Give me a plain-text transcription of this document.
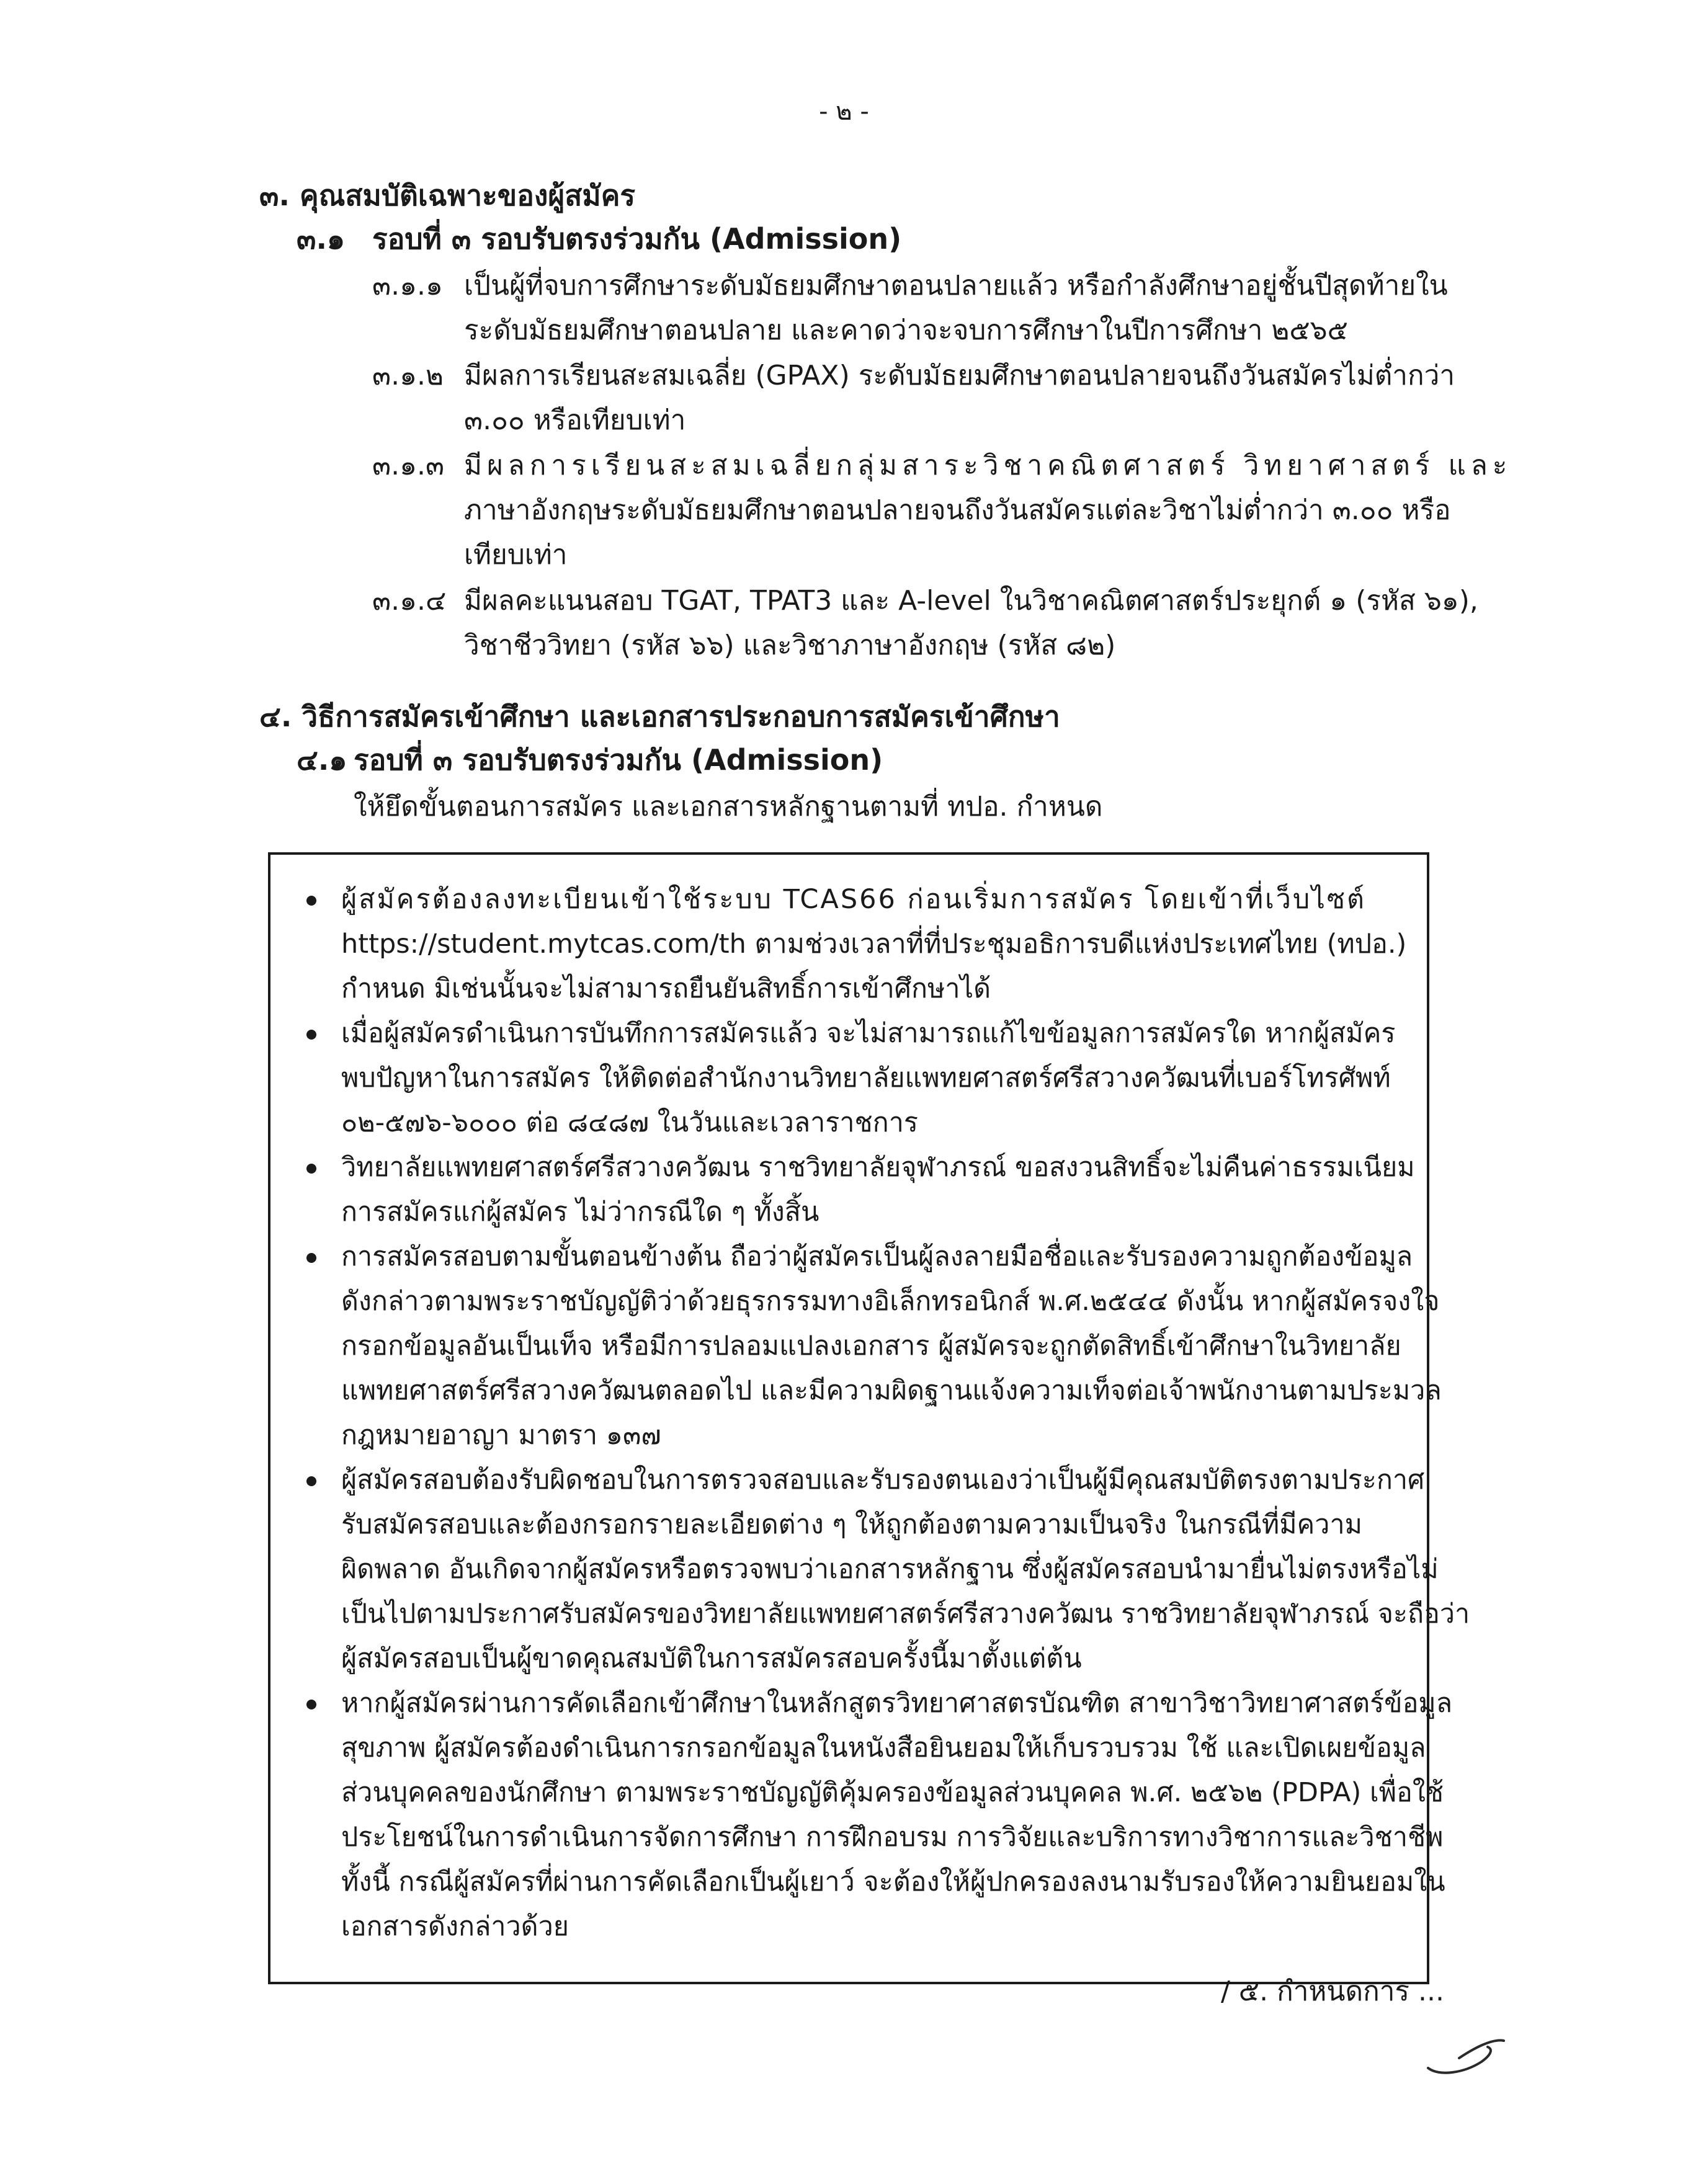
- ๒ -
๓. คุณสมบัติเฉพาะของผู้สมัคร
๓.๑ รอบที่ ๓ รอบรับตรงร่วมกัน (Admission)
๓.๑.๑ เป็นผู้ที่จบการศึกษาระดับมัธยมศึกษาตอนปลายแล้ว หรือกำลังศึกษาอยู่ชั้นปีสุดท้ายใน
ระดับมัธยมศึกษาตอนปลาย และคาดว่าจะจบการศึกษาในปีการศึกษา ๒๕๖๕
๓.๑.๒ มีผลการเรียนสะสมเฉลี่ย (GPAX) ระดับมัธยมศึกษาตอนปลายจนถึงวันสมัครไม่ต่ำกว่า
๓.๐๐ หรือเทียบเท่า
๓.๑.๓ มีผลการเรียนสะสมเฉลี่ยกลุ่มสาระวิชาคณิตศาสตร์ วิทยาศาสตร์ และ
ภาษาอังกฤษระดับมัธยมศึกษาตอนปลายจนถึงวันสมัครแต่ละวิชาไม่ต่ำกว่า ๓.๐๐ หรือ
เทียบเท่า
๓.๑.๔ มีผลคะแนนสอบ TGAT, TPAT3 และ A-level ในวิชาคณิตศาสตร์ประยุกต์ ๑ (รหัส ๖๑),
วิชาชีววิทยา (รหัส ๖๖) และวิชาภาษาอังกฤษ (รหัส ๘๒)
๔. วิธีการสมัครเข้าศึกษา และเอกสารประกอบการสมัครเข้าศึกษา
๔.๑ รอบที่ ๓ รอบรับตรงร่วมกัน (Admission)
ให้ยึดขั้นตอนการสมัคร และเอกสารหลักฐานตามที่ ทปอ. กำหนด
ผู้สมัครต้องลงทะเบียนเข้าใช้ระบบ TCAS66 ก่อนเริ่มการสมัคร โดยเข้าที่เว็บไซต์
https://student.mytcas.com/th ตามช่วงเวลาที่ที่ประชุมอธิการบดีแห่งประเทศไทย (ทปอ.)
กำหนด มิเช่นนั้นจะไม่สามารถยืนยันสิทธิ์การเข้าศึกษาได้
เมื่อผู้สมัครดำเนินการบันทึกการสมัครแล้ว จะไม่สามารถแก้ไขข้อมูลการสมัครใด หากผู้สมัคร
พบปัญหาในการสมัคร ให้ติดต่อสำนักงานวิทยาลัยแพทยศาสตร์ศรีสวางควัฒนที่เบอร์โทรศัพท์
๐๒-๕๗๖-๖๐๐๐ ต่อ ๘๔๘๗ ในวันและเวลาราชการ
วิทยาลัยแพทยศาสตร์ศรีสวางควัฒน ราชวิทยาลัยจุฬาภรณ์ ขอสงวนสิทธิ์จะไม่คืนค่าธรรมเนียม
การสมัครแก่ผู้สมัคร ไม่ว่ากรณีใด ๆ ทั้งสิ้น
การสมัครสอบตามขั้นตอนข้างต้น ถือว่าผู้สมัครเป็นผู้ลงลายมือชื่อและรับรองความถูกต้องข้อมูล
ดังกล่าวตามพระราชบัญญัติว่าด้วยธุรกรรมทางอิเล็กทรอนิกส์ พ.ศ.๒๕๔๔ ดังนั้น หากผู้สมัครจงใจ
กรอกข้อมูลอันเป็นเท็จ หรือมีการปลอมแปลงเอกสาร ผู้สมัครจะถูกตัดสิทธิ์เข้าศึกษาในวิทยาลัย
แพทยศาสตร์ศรีสวางควัฒนตลอดไป และมีความผิดฐานแจ้งความเท็จต่อเจ้าพนักงานตามประมวล
กฎหมายอาญา มาตรา ๑๓๗
ผู้สมัครสอบต้องรับผิดชอบในการตรวจสอบและรับรองตนเองว่าเป็นผู้มีคุณสมบัติตรงตามประกาศ
รับสมัครสอบและต้องกรอกรายละเอียดต่าง ๆ ให้ถูกต้องตามความเป็นจริง ในกรณีที่มีความ
ผิดพลาด อันเกิดจากผู้สมัครหรือตรวจพบว่าเอกสารหลักฐาน ซึ่งผู้สมัครสอบนำมายื่นไม่ตรงหรือไม่
เป็นไปตามประกาศรับสมัครของวิทยาลัยแพทยศาสตร์ศรีสวางควัฒน ราชวิทยาลัยจุฬาภรณ์ จะถือว่า
ผู้สมัครสอบเป็นผู้ขาดคุณสมบัติในการสมัครสอบครั้งนี้มาตั้งแต่ต้น
หากผู้สมัครผ่านการคัดเลือกเข้าศึกษาในหลักสูตรวิทยาศาสตรบัณฑิต สาขาวิชาวิทยาศาสตร์ข้อมูล
สุขภาพ ผู้สมัครต้องดำเนินการกรอกข้อมูลในหนังสือยินยอมให้เก็บรวบรวม ใช้ และเปิดเผยข้อมูล
ส่วนบุคคลของนักศึกษา ตามพระราชบัญญัติคุ้มครองข้อมูลส่วนบุคคล พ.ศ. ๒๕๖๒ (PDPA) เพื่อใช้
ประโยชน์ในการดำเนินการจัดการศึกษา การฝึกอบรม การวิจัยและบริการทางวิชาการและวิชาชีพ
ทั้งนี้ กรณีผู้สมัครที่ผ่านการคัดเลือกเป็นผู้เยาว์ จะต้องให้ผู้ปกครองลงนามรับรองให้ความยินยอมใน
เอกสารดังกล่าวด้วย
/ ๕. กำหนดการ ...
